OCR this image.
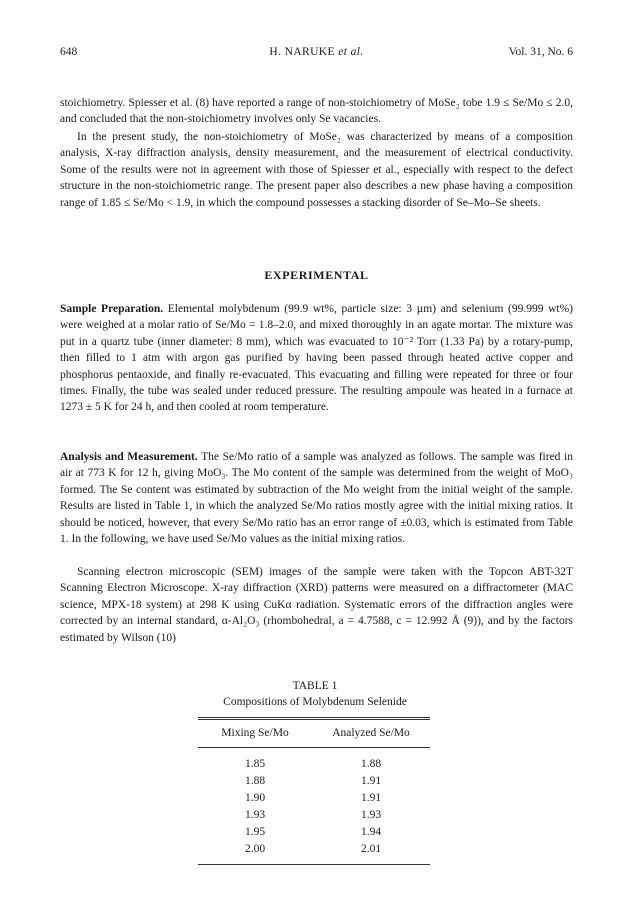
648	H. NARUKE et al.	Vol. 31, No. 6

stoichiometry. Spiesser et al. (8) have reported a range of non-stoichiometry of MoSe₂ tobe 1.9 ≤ Se/Mo ≤ 2.0, and concluded that the non-stoichiometry involves only Se vacancies.

In the present study, the non-stoichiometry of MoSe₂ was characterized by means of a composition analysis, X-ray diffraction analysis, density measurement, and the measurement of electrical conductivity. Some of the results were not in agreement with those of Spiesser et al., especially with respect to the defect structure in the non-stoichiometric range. The present paper also describes a new phase having a composition range of 1.85 ≤ Se/Mo < 1.9, in which the compound possesses a stacking disorder of Se–Mo–Se sheets.

EXPERIMENTAL

Sample Preparation. Elemental molybdenum (99.9 wt%, particle size: 3 µm) and selenium (99.999 wt%) were weighed at a molar ratio of Se/Mo = 1.8–2.0, and mixed thoroughly in an agate mortar. The mixture was put in a quartz tube (inner diameter: 8 mm), which was evacuated to 10⁻² Torr (1.33 Pa) by a rotary-pump, then filled to 1 atm with argon gas purified by having been passed through heated active copper and phosphorus pentaoxide, and finally re-evacuated. This evacuating and filling were repeated for three or four times. Finally, the tube was sealed under reduced pressure. The resulting ampoule was heated in a furnace at 1273 ± 5 K for 24 h, and then cooled at room temperature.

Analysis and Measurement. The Se/Mo ratio of a sample was analyzed as follows. The sample was fired in air at 773 K for 12 h, giving MoO₃. The Mo content of the sample was determined from the weight of MoO₃ formed. The Se content was estimated by subtraction of the Mo weight from the initial weight of the sample. Results are listed in Table 1, in which the analyzed Se/Mo ratios mostly agree with the initial mixing ratios. It should be noticed, however, that every Se/Mo ratio has an error range of ±0.03, which is estimated from Table 1. In the following, we have used Se/Mo values as the initial mixing ratios.

Scanning electron microscopic (SEM) images of the sample were taken with the Topcon ABT-32T Scanning Electron Microscope. X-ray diffraction (XRD) patterns were measured on a diffractometer (MAC science, MPX-18 system) at 298 K using CuKα radiation. Systematic errors of the diffraction angles were corrected by an internal standard, α-Al₂O₃ (rhombohedral, a = 4.7588, c = 12.992 Å (9)), and by the factors estimated by Wilson (10)

TABLE 1
Compositions of Molybdenum Selenide
Mixing Se/Mo	Analyzed Se/Mo
1.85	1.88
1.88	1.91
1.90	1.91
1.93	1.93
1.95	1.94
2.00	2.01
